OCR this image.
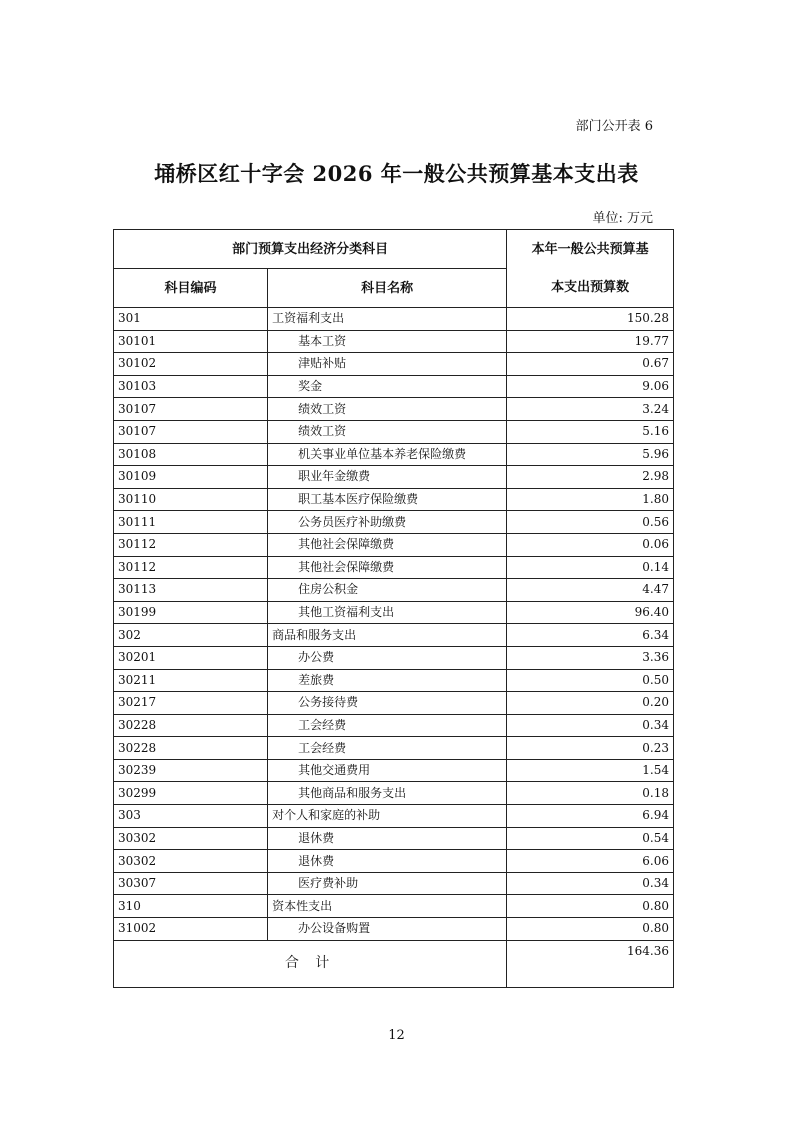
部门公开表 6
埇桥区红十字会 2026 年一般公共预算基本支出表
单位: 万元
部门预算支出经济分类科目		本年一般公共预算基
本支出预算数

科目编码	科目名称	
301	工资福利支出	150.28
30101	基本工资	19.77
30102	津贴补贴	0.67
30103	奖金	9.06
30107	绩效工资	3.24
30107	绩效工资	5.16
30108	机关事业单位基本养老保险缴费	5.96
30109	职业年金缴费	2.98
30110	职工基本医疗保险缴费	1.80
30111	公务员医疗补助缴费	0.56
30112	其他社会保障缴费	0.06
30112	其他社会保障缴费	0.14
30113	住房公积金	4.47
30199	其他工资福利支出	96.40
302	商品和服务支出	6.34
30201	办公费	3.36
30211	差旅费	0.50
30217	公务接待费	0.20
30228	工会经费	0.34
30228	工会经费	0.23
30239	其他交通费用	1.54
30299	其他商品和服务支出	0.18
303	对个人和家庭的补助	6.94
30302	退休费	0.54
30302	退休费	6.06
30307	医疗费补助	0.34
310	资本性支出	0.80
31002	办公设备购置	0.80
合 计		164.36
12
